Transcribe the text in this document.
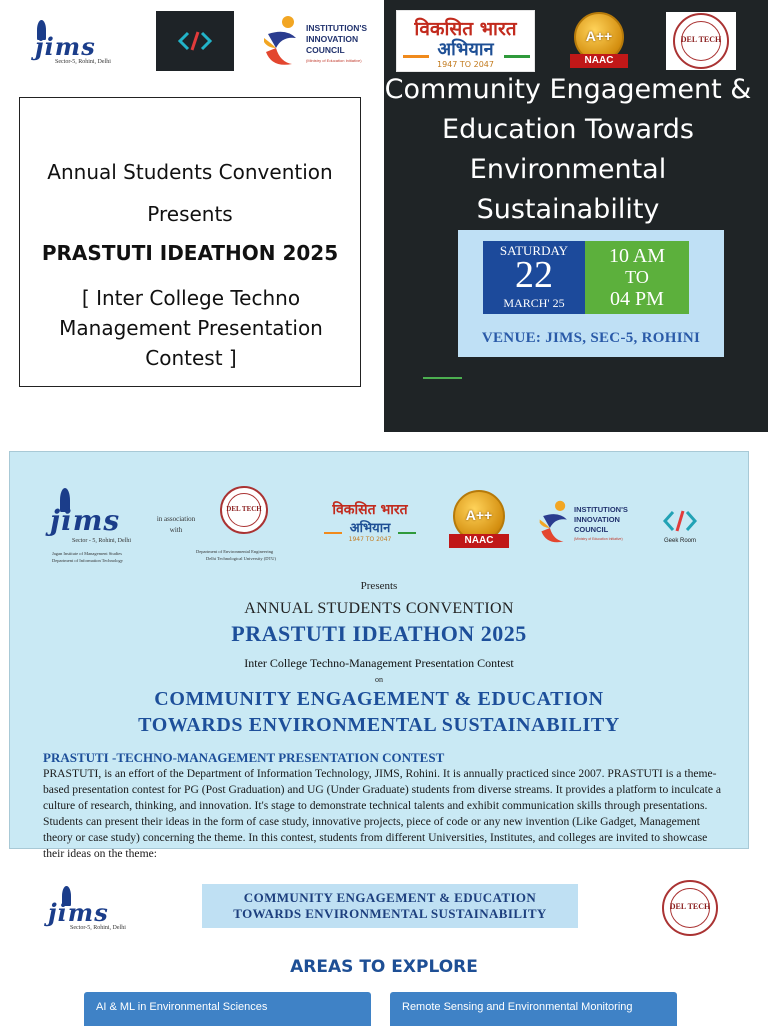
jims
Sector-5, Rohini, Delhi
INSTITUTION'S
INNOVATION
COUNCIL
(Ministry of Education Initiative)
विकसित भारत
अभियान
1947 TO 2047
A++
NAAC
DEL TECH
Annual Students Convention
Presents
PRASTUTI IDEATHON 2025
[ Inter College Techno Management Presentation Contest ]
Community Engagement & Education Towards Environmental Sustainability
SATURDAY
22
MARCH' 25
10 AM
TO
04 PM
VENUE: JIMS, SEC-5, ROHINI
jims
Sector - 5, Rohini, Delhi
Jagan Institute of Management Studies
Department of Information Technology
in association
with
DEL TECH
Department of Environmental Engineering
Delhi Technological University (DTU)
विकसित भारत
अभियान
1947 TO 2047
A++
NAAC
INSTITUTION'S
INNOVATION
COUNCIL
(Ministry of Education Initiative)	Geek Room
Presents
ANNUAL STUDENTS CONVENTION
PRASTUTI IDEATHON 2025
Inter College Techno-Management Presentation Contest
on
COMMUNITY ENGAGEMENT & EDUCATION
TOWARDS ENVIRONMENTAL SUSTAINABILITY
PRASTUTI -TECHNO-MANAGEMENT PRESENTATION CONTEST
PRASTUTI, is an effort of the Department of Information Technology, JIMS, Rohini. It is annually practiced since 2007. PRASTUTI is a theme-based presentation contest for PG (Post Graduation) and UG (Under Graduate) students from diverse streams. It provides a platform to inculcate a culture of research, thinking, and innovation. It's stage to demonstrate technical talents and exhibit communication skills through presentations. Students can present their ideas in the form of case study, innovative projects, piece of code or any new invention (Like Gadget, Management theory or case study) concerning the theme. In this contest, students from different Universities, Institutes, and colleges are invited to showcase their ideas on the theme:
jims
Sector-5, Rohini, Delhi
COMMUNITY ENGAGEMENT & EDUCATION
TOWARDS ENVIRONMENTAL SUSTAINABILITY	DEL TECH
AREAS TO EXPLORE
AI & ML in Environmental Sciences	Remote Sensing and Environmental Monitoring
